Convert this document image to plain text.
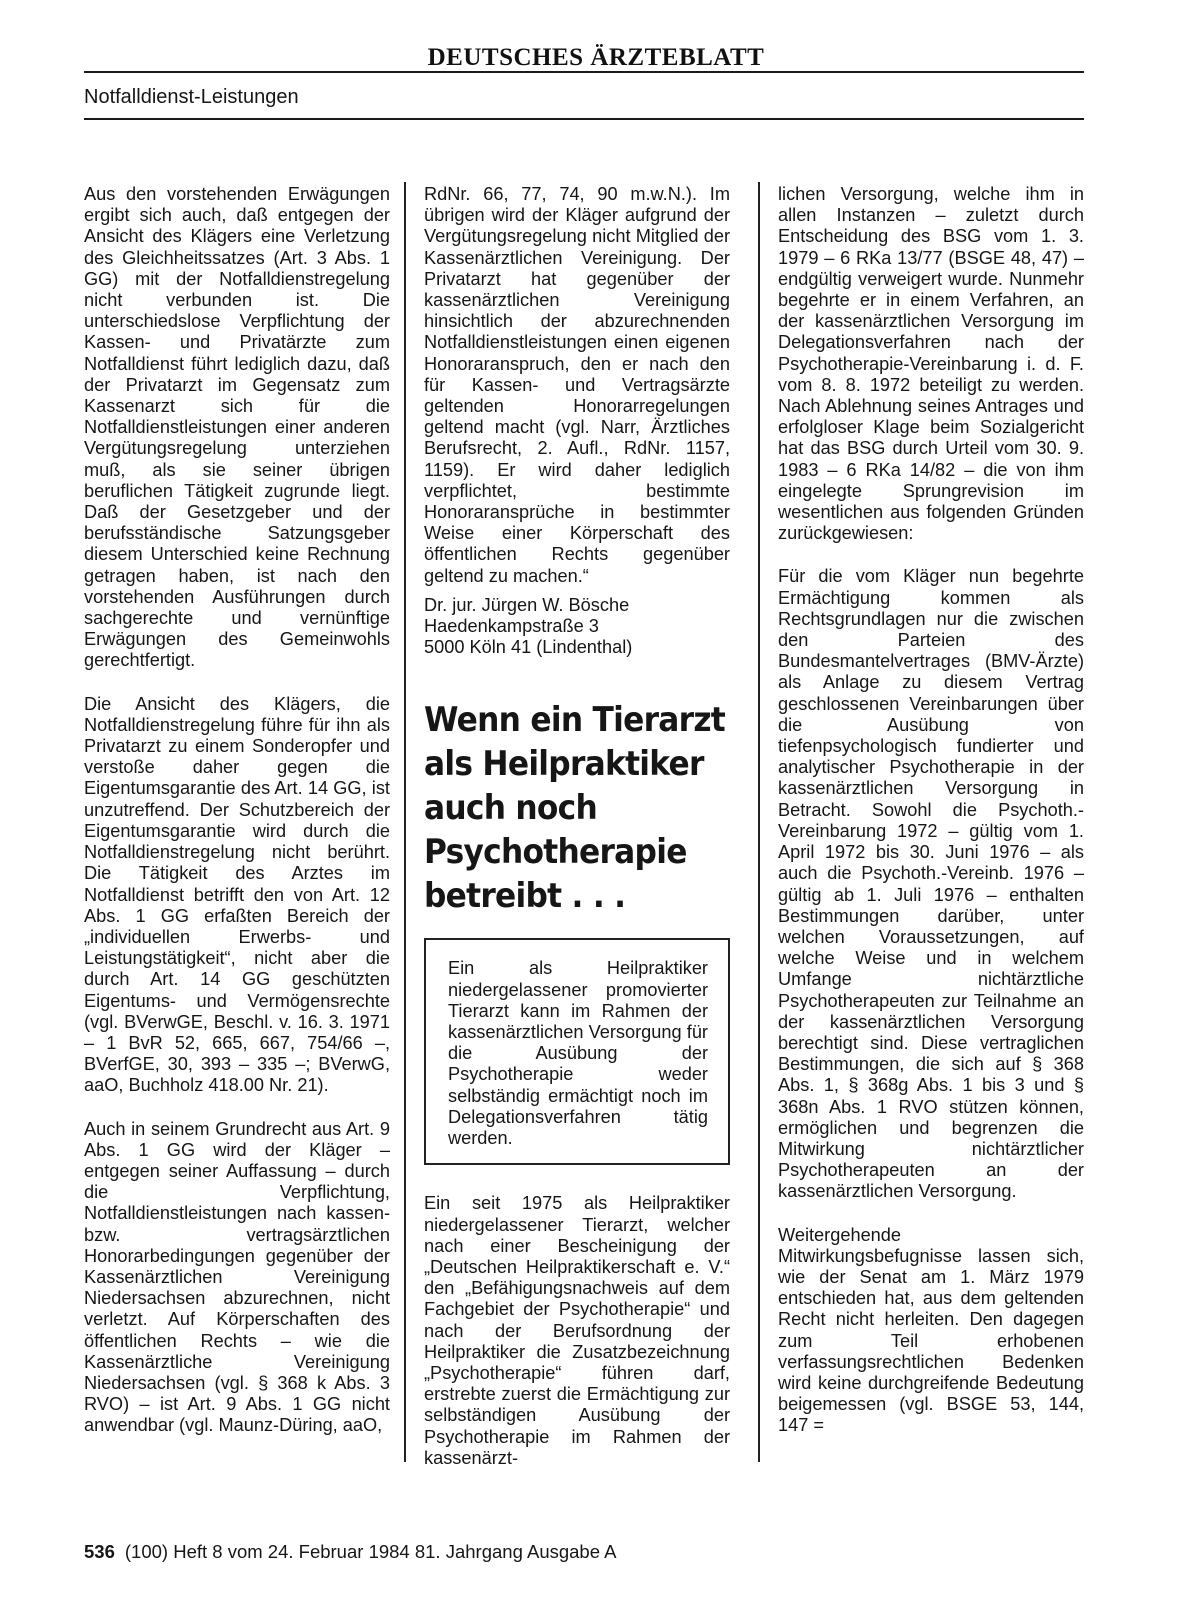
DEUTSCHES ÄRZTEBLATT
Notfalldienst-Leistungen

Aus den vorstehenden Erwägungen ergibt sich auch, daß entgegen der Ansicht des Klägers eine Verletzung des Gleichheitssatzes (Art. 3 Abs. 1 GG) mit der Notfalldienstregelung nicht verbunden ist. Die unterschiedslose Verpflichtung der Kassen- und Privatärzte zum Notfalldienst führt lediglich dazu, daß der Privatarzt im Gegensatz zum Kassenarzt sich für die Notfalldienstleistungen einer anderen Vergütungsregelung unterziehen muß, als sie seiner übrigen beruflichen Tätigkeit zugrunde liegt. Daß der Gesetzgeber und der berufsständische Satzungsgeber diesem Unterschied keine Rechnung getragen haben, ist nach den vorstehenden Ausführungen durch sachgerechte und vernünftige Erwägungen des Gemeinwohls gerechtfertigt.

Die Ansicht des Klägers, die Notfalldienstregelung führe für ihn als Privatarzt zu einem Sonderopfer und verstoße daher gegen die Eigentumsgarantie des Art. 14 GG, ist unzutreffend. Der Schutzbereich der Eigentumsgarantie wird durch die Notfalldienstregelung nicht berührt. Die Tätigkeit des Arztes im Notfalldienst betrifft den von Art. 12 Abs. 1 GG erfaßten Bereich der „individuellen Erwerbs- und Leistungstätigkeit“, nicht aber die durch Art. 14 GG geschützten Eigentums- und Vermögensrechte (vgl. BVerwGE, Beschl. v. 16. 3. 1971 – 1 BvR 52, 665, 667, 754/66 –, BVerfGE, 30, 393 – 335 –; BVerwG, aaO, Buchholz 418.00 Nr. 21).

Auch in seinem Grundrecht aus Art. 9 Abs. 1 GG wird der Kläger – entgegen seiner Auffassung – durch die Verpflichtung, Notfalldienstleistungen nach kassen- bzw. vertragsärztlichen Honorarbedingungen gegenüber der Kassenärztlichen Vereinigung Niedersachsen abzurechnen, nicht verletzt. Auf Körperschaften des öffentlichen Rechts – wie die Kassenärztliche Vereinigung Niedersachsen (vgl. § 368 k Abs. 3 RVO) – ist Art. 9 Abs. 1 GG nicht anwendbar (vgl. Maunz-Düring, aaO,

RdNr. 66, 77, 74, 90 m.w.N.). Im übrigen wird der Kläger aufgrund der Vergütungsregelung nicht Mitglied der Kassenärztlichen Vereinigung. Der Privatarzt hat gegenüber der kassenärztlichen Vereinigung hinsichtlich der abzurechnenden Notfalldienstleistungen einen eigenen Honoraranspruch, den er nach den für Kassen- und Vertragsärzte geltenden Honorarregelungen geltend macht (vgl. Narr, Ärztliches Berufsrecht, 2. Aufl., RdNr. 1157, 1159). Er wird daher lediglich verpflichtet, bestimmte Honoraransprüche in bestimmter Weise einer Körperschaft des öffentlichen Rechts gegenüber geltend zu machen.“

Dr. jur. Jürgen W. Bösche
Haedenkampstraße 3
5000 Köln 41 (Lindenthal)
Wenn ein Tierarzt als Heilpraktiker auch noch Psychotherapie betreibt . . .

Ein als Heilpraktiker niedergelassener promovierter Tierarzt kann im Rahmen der kassenärztlichen Versorgung für die Ausübung der Psychotherapie weder selbständig ermächtigt noch im Delegationsverfahren tätig werden.

Ein seit 1975 als Heilpraktiker niedergelassener Tierarzt, welcher nach einer Bescheinigung der „Deutschen Heilpraktikerschaft e. V.“ den „Befähigungsnachweis auf dem Fachgebiet der Psychotherapie“ und nach der Berufsordnung der Heilpraktiker die Zusatzbezeichnung „Psychotherapie“ führen darf, erstrebte zuerst die Ermächtigung zur selbständigen Ausübung der Psychotherapie im Rahmen der kassenärzt-

lichen Versorgung, welche ihm in allen Instanzen – zuletzt durch Entscheidung des BSG vom 1. 3. 1979 – 6 RKa 13/77 (BSGE 48, 47) – endgültig verweigert wurde. Nunmehr begehrte er in einem Verfahren, an der kassenärztlichen Versorgung im Delegationsverfahren nach der Psychotherapie-Vereinbarung i. d. F. vom 8. 8. 1972 beteiligt zu werden. Nach Ablehnung seines Antrages und erfolgloser Klage beim Sozialgericht hat das BSG durch Urteil vom 30. 9. 1983 – 6 RKa 14/82 – die von ihm eingelegte Sprungrevision im wesentlichen aus folgenden Gründen zurückgewiesen:

Für die vom Kläger nun begehrte Ermächtigung kommen als Rechtsgrundlagen nur die zwischen den Parteien des Bundesmantelvertrages (BMV-Ärzte) als Anlage zu diesem Vertrag geschlossenen Vereinbarungen über die Ausübung von tiefenpsychologisch fundierter und analytischer Psychotherapie in der kassenärztlichen Versorgung in Betracht. Sowohl die Psychoth.-Vereinbarung 1972 – gültig vom 1. April 1972 bis 30. Juni 1976 – als auch die Psychoth.-Vereinb. 1976 – gültig ab 1. Juli 1976 – enthalten Bestimmungen darüber, unter welchen Voraussetzungen, auf welche Weise und in welchem Umfange nichtärztliche Psychotherapeuten zur Teilnahme an der kassenärztlichen Versorgung berechtigt sind. Diese vertraglichen Bestimmungen, die sich auf § 368 Abs. 1, § 368g Abs. 1 bis 3 und § 368n Abs. 1 RVO stützen können, ermöglichen und begrenzen die Mitwirkung nichtärztlicher Psychotherapeuten an der kassenärztlichen Versorgung.

Weitergehende Mitwirkungsbefugnisse lassen sich, wie der Senat am 1. März 1979 entschieden hat, aus dem geltenden Recht nicht herleiten. Den dagegen zum Teil erhobenen verfassungsrechtlichen Bedenken wird keine durchgreifende Bedeutung beigemessen (vgl. BSGE 53, 144, 147 =

536 (100) Heft 8 vom 24. Februar 1984 81. Jahrgang Ausgabe A
